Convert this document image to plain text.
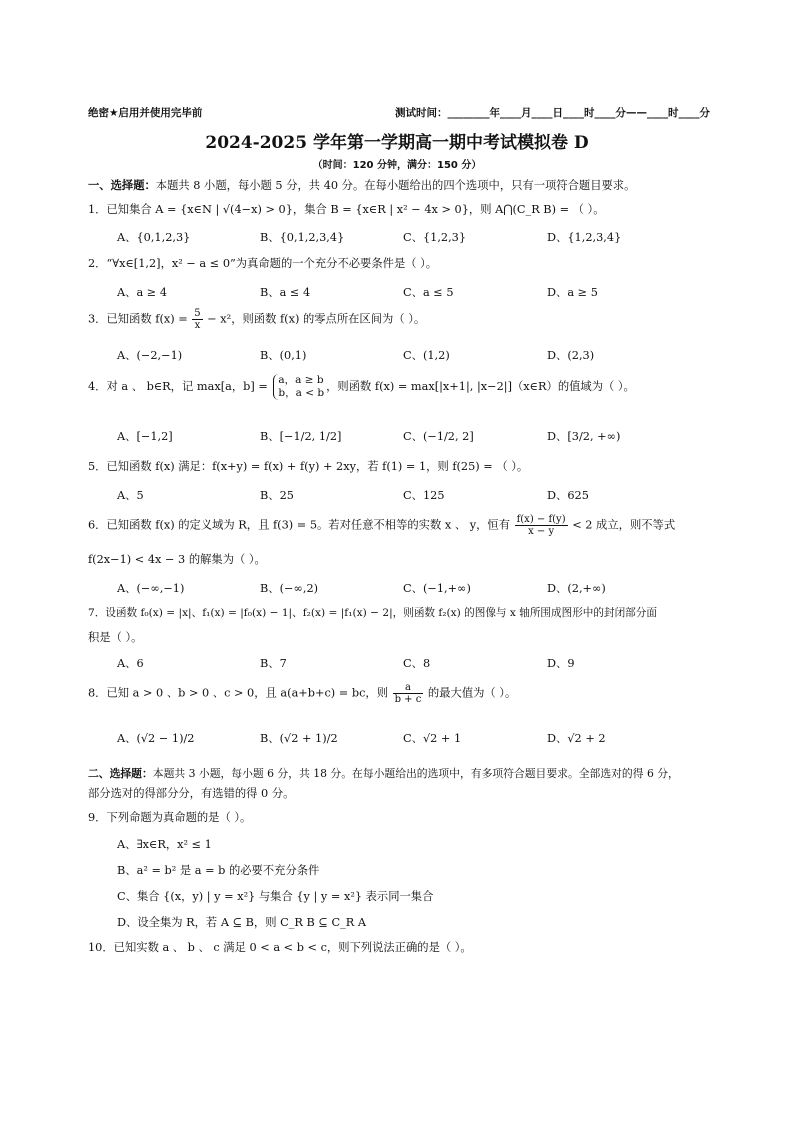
绝密★启用并使用完毕前	测试时间：________年____月____日____时____分——____时____分
2024-2025 学年第一学期高一期中考试模拟卷 D
（时间：120 分钟，满分：150 分）
一、选择题：本题共 8 小题，每小题 5 分，共 40 分。在每小题给出的四个选项中，只有一项符合题目要求。
1．已知集合 A = {x∈N | √(4−x) > 0}，集合 B = {x∈R | x² − 4x > 0}，则 A⋂(C_R B) = （ ）。
A、{0,1,2,3}	B、{0,1,2,3,4}	C、{1,2,3}	D、{1,2,3,4}
2．“∀x∈[1,2]，x² − a ≤ 0”为真命题的一个充分不必要条件是（ ）。
A、a ≥ 4	B、a ≤ 4	C、a ≤ 5	D、a ≥ 5
3．已知函数 $f(x) = \frac{5}{x} - x^2$，则函数 f(x) 的零点所在区间为（ ）。
A、(−2,−1)	B、(0,1)	C、(1,2)	D、(2,3)
4．对 a 、 b∈R，记 max[a，b] = a，a ≥ b
b，a < b ，则函数 f(x) = max[|x+1|, |x−2|]（x∈R）的值域为（ ）。
A、[−1,2]	B、[−1/2, 1/2]	C、(−1/2, 2]	D、[3/2, +∞)
5．已知函数 f(x) 满足：f(x+y) = f(x) + f(y) + 2xy，若 f(1) = 1，则 f(25) = （ ）。
A、5	B、25	C、125	D、625
6．已知函数 f(x) 的定义域为 R，且 f(3) = 5。若对任意不相等的实数 x 、 y，恒有 $\frac{f(x) - f(y)}{x - y} < 2$ 成立，则不等式
f(2x−1) < 4x − 3 的解集为（ ）。
A、(−∞,−1)	B、(−∞,2)	C、(−1,+∞)	D、(2,+∞)
7．设函数 f₀(x) = |x|、f₁(x) = |f₀(x) − 1|、f₂(x) = |f₁(x) − 2|，则函数 f₂(x) 的图像与 x 轴所围成图形中的封闭部分面
积是（ ）。
A、6	B、7	C、8	D、9
8．已知 a > 0 、b > 0 、c > 0，且 a(a+b+c) = bc，则 $\frac{a}{b + c}$ 的最大值为（ ）。
A、(√2 − 1)/2	B、(√2 + 1)/2	C、√2 + 1	D、√2 + 2
二、选择题：本题共 3 小题，每小题 6 分，共 18 分。在每小题给出的选项中，有多项符合题目要求。全部选对的得 6 分，
部分选对的得部分分，有选错的得 0 分。
9．下列命题为真命题的是（ ）。
A、∃x∈R，x² ≤ 1
B、a² = b² 是 a = b 的必要不充分条件
C、集合 {(x，y) | y = x²} 与集合 {y | y = x²} 表示同一集合
D、设全集为 R，若 A ⊆ B，则 C_R B ⊆ C_R A
10．已知实数 a 、 b 、 c 满足 0 < a < b < c，则下列说法正确的是（ ）。
